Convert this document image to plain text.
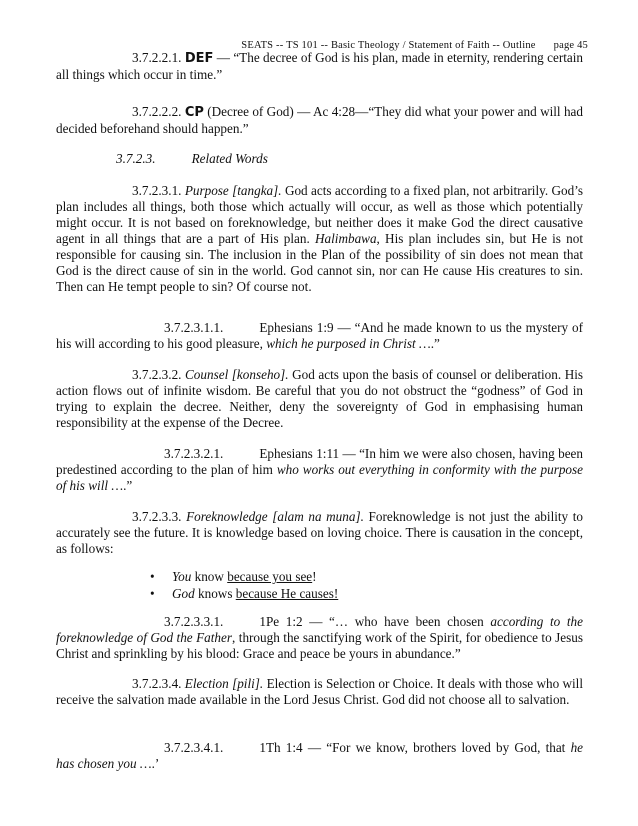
SEATS -- TS 101 -- Basic Theology / Statement of Faith -- Outline page 45
3.7.2.2.1. DEF — “The decree of God is his plan, made in eternity, rendering certain all things which occur in time.”
3.7.2.2.2. CP (Decree of God) — Ac 4:28—“They did what your power and will had decided beforehand should happen.”
3.7.2.3.	Related Words
3.7.2.3.1. Purpose [tangka]. God acts according to a fixed plan, not arbitrarily. God’s plan includes all things, both those which actually will occur, as well as those which potentially might occur. It is not based on foreknowledge, but neither does it make God the direct causative agent in all things that are a part of His plan. Halimbawa, His plan includes sin, but He is not responsible for causing sin. The inclusion in the Plan of the possibility of sin does not mean that God is the direct cause of sin in the world. God cannot sin, nor can He cause His creatures to sin. Then can He tempt people to sin? Of course not.
3.7.2.3.1.1.	Ephesians 1:9 — “And he made known to us the mystery of his will according to his good pleasure, which he purposed in Christ ….”
3.7.2.3.2. Counsel [konseho]. God acts upon the basis of counsel or deliberation. His action flows out of infinite wisdom. Be careful that you do not obstruct the “godness” of God in trying to explain the decree. Neither, deny the sovereignty of God in emphasising human responsibility at the expense of the Decree.
3.7.2.3.2.1.	Ephesians 1:11 — “In him we were also chosen, having been predestined according to the plan of him who works out everything in conformity with the purpose of his will ….”
3.7.2.3.3. Foreknowledge [alam na muna]. Foreknowledge is not just the ability to accurately see the future. It is knowledge based on loving choice. There is causation in the concept, as follows:
• You know because you see!
• God knows because He causes!
3.7.2.3.3.1.	1Pe 1:2 — “… who have been chosen according to the foreknowledge of God the Father, through the sanctifying work of the Spirit, for obedience to Jesus Christ and sprinkling by his blood: Grace and peace be yours in abundance.”
3.7.2.3.4. Election [pili]. Election is Selection or Choice. It deals with those who will receive the salvation made available in the Lord Jesus Christ. God did not choose all to salvation.
3.7.2.3.4.1.	1Th 1:4 — “For we know, brothers loved by God, that he has chosen you ….’
